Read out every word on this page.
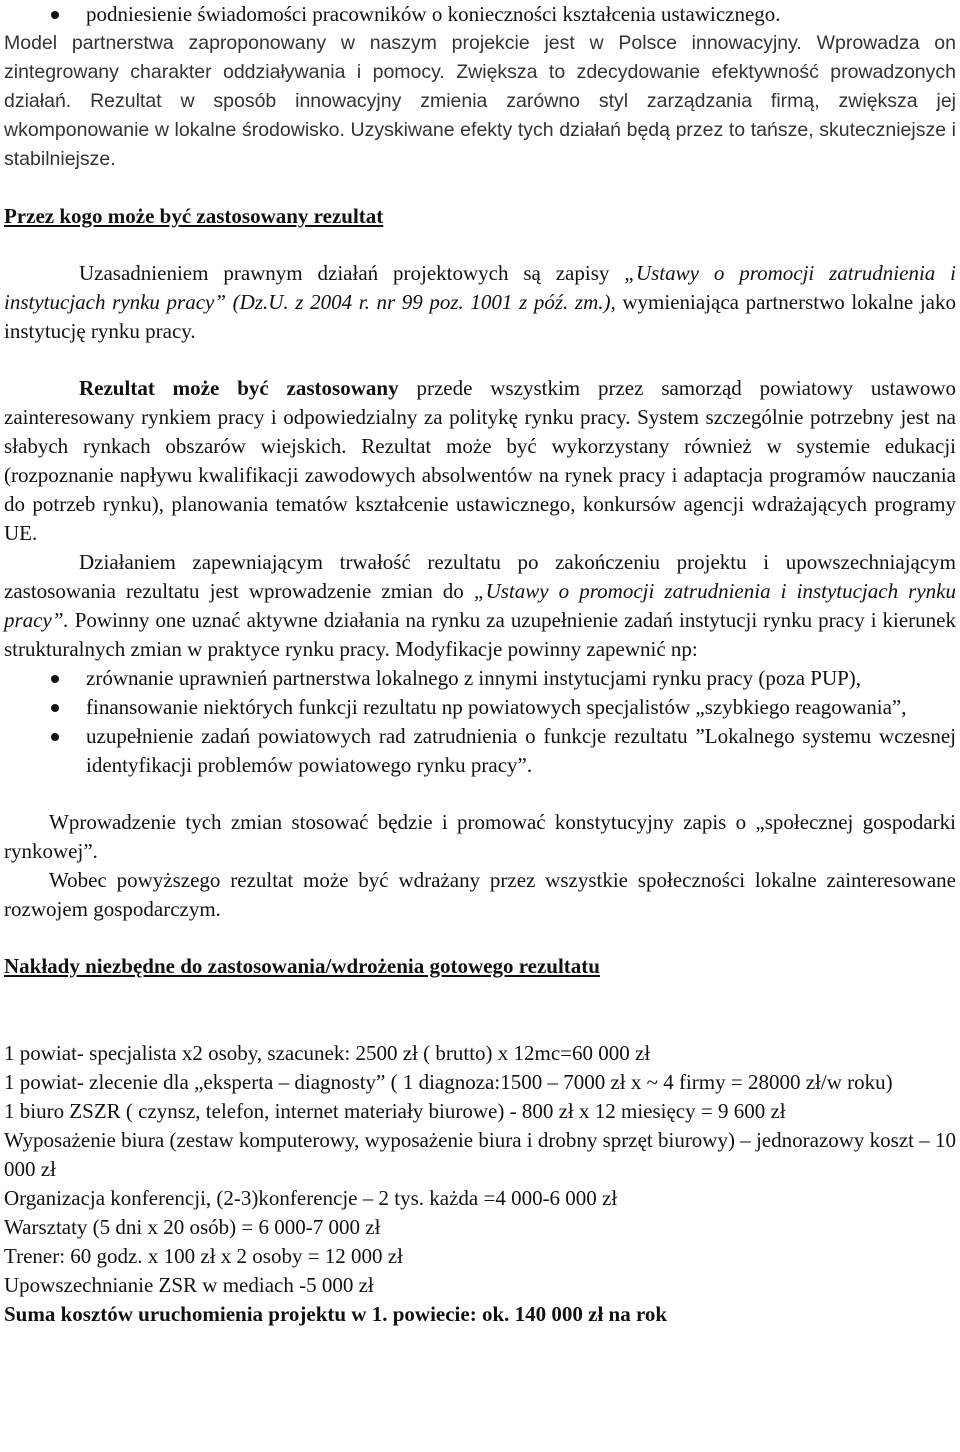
podniesienie świadomości pracowników o konieczności kształcenia ustawicznego.

Model partnerstwa zaproponowany w naszym projekcie jest w Polsce innowacyjny. Wprowadza on zintegrowany charakter oddziaływania i pomocy. Zwiększa to zdecydowanie efektywność prowadzonych działań. Rezultat w sposób innowacyjny zmienia zarówno styl zarządzania firmą, zwiększa jej wkomponowanie w lokalne środowisko. Uzyskiwane efekty tych działań będą przez to tańsze, skuteczniejsze i stabilniejsze.

Przez kogo może być zastosowany rezultat

Uzasadnieniem prawnym działań projektowych są zapisy „Ustawy o promocji zatrudnienia i instytucjach rynku pracy” (Dz.U. z 2004 r. nr 99 poz. 1001 z póź. zm.), wymieniająca partnerstwo lokalne jako instytucję rynku pracy.

Rezultat może być zastosowany przede wszystkim przez samorząd powiatowy ustawowo zainteresowany rynkiem pracy i odpowiedzialny za politykę rynku pracy. System szczególnie potrzebny jest na słabych rynkach obszarów wiejskich. Rezultat może być wykorzystany również w systemie edukacji (rozpoznanie napływu kwalifikacji zawodowych absolwentów na rynek pracy i adaptacja programów nauczania do potrzeb rynku), planowania tematów kształcenie ustawicznego, konkursów agencji wdrażających programy UE.

Działaniem zapewniającym trwałość rezultatu po zakończeniu projektu i upowszechniającym zastosowania rezultatu jest wprowadzenie zmian do „Ustawy o promocji zatrudnienia i instytucjach rynku pracy”. Powinny one uznać aktywne działania na rynku za uzupełnienie zadań instytucji rynku pracy i kierunek strukturalnych zmian w praktyce rynku pracy. Modyfikacje powinny zapewnić np:

zrównanie uprawnień partnerstwa lokalnego z innymi instytucjami rynku pracy (poza PUP),
finansowanie niektórych funkcji rezultatu np powiatowych specjalistów „szybkiego reagowania”,
uzupełnienie zadań powiatowych rad zatrudnienia o funkcje rezultatu ”Lokalnego systemu wczesnej identyfikacji problemów powiatowego rynku pracy”.

Wprowadzenie tych zmian stosować będzie i promować konstytucyjny zapis o „społecznej gospodarki rynkowej”.

Wobec powyższego rezultat może być wdrażany przez wszystkie społeczności lokalne zainteresowane rozwojem gospodarczym.

Nakłady niezbędne do zastosowania/wdrożenia gotowego rezultatu

1 powiat- specjalista x2 osoby, szacunek: 2500 zł ( brutto) x 12mc=60 000 zł

1 powiat- zlecenie dla „eksperta – diagnosty” ( 1 diagnoza:1500 – 7000 zł x ~ 4 firmy = 28000 zł/w roku)

1 biuro ZSZR ( czynsz, telefon, internet materiały biurowe) - 800 zł x 12 miesięcy = 9 600 zł

Wyposażenie biura (zestaw komputerowy, wyposażenie biura i drobny sprzęt biurowy) – jednorazowy koszt – 10 000 zł

Organizacja konferencji, (2-3)konferencje – 2 tys. każda =4 000-6 000 zł

Warsztaty (5 dni x 20 osób) = 6 000-7 000 zł

Trener: 60 godz. x 100 zł x 2 osoby = 12 000 zł

Upowszechnianie ZSR w mediach -5 000 zł

Suma kosztów uruchomienia projektu w 1. powiecie: ok. 140 000 zł na rok
